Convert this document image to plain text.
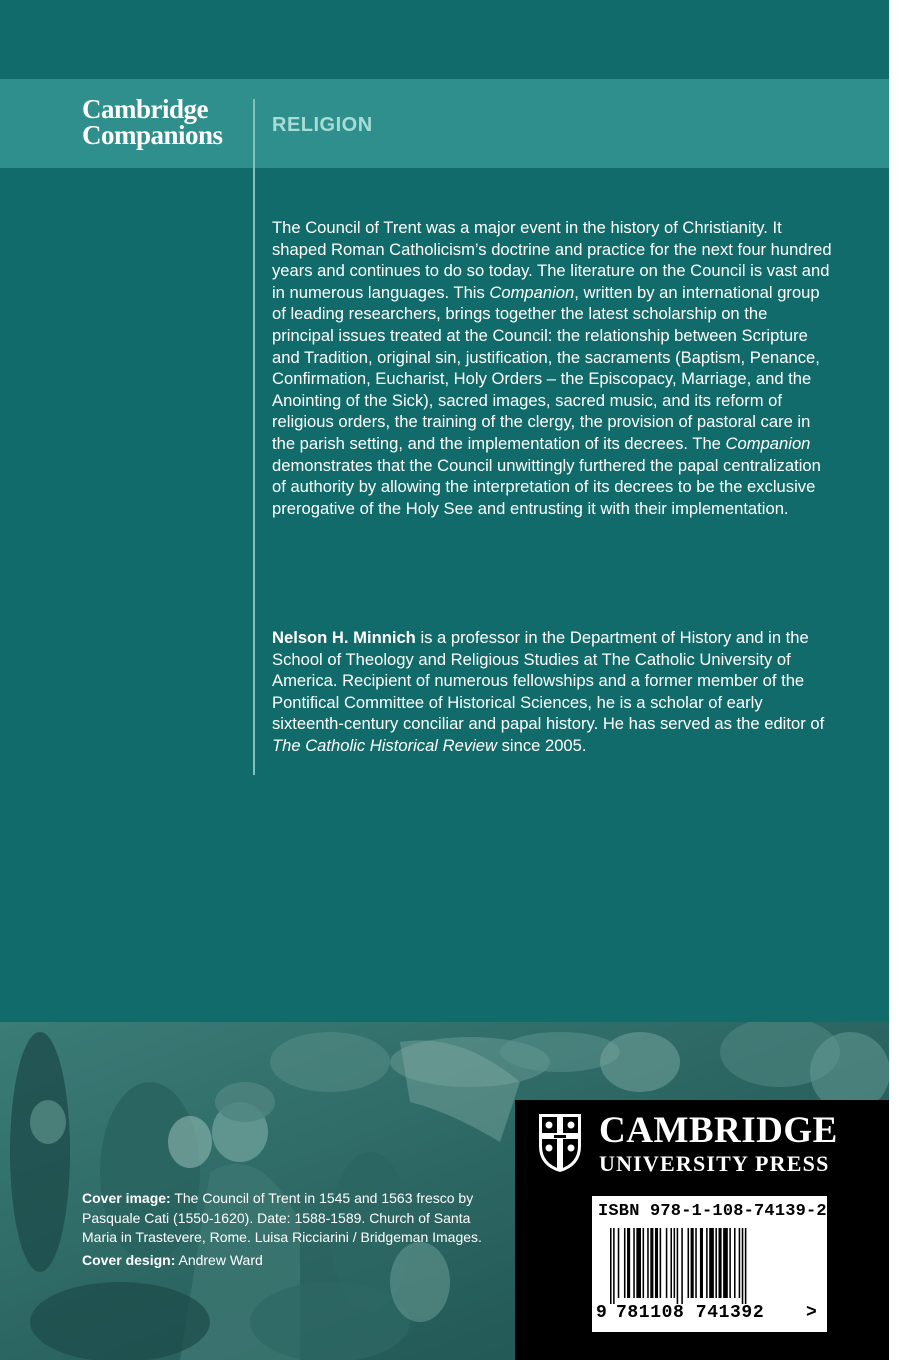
Cambridge
Companions RELIGION

The Council of Trent was a major event in the history of Christianity. It shaped Roman Catholicism’s doctrine and practice for the next four hundred years and continues to do so today. The literature on the Council is vast and in numerous languages. This Companion, written by an international group of leading researchers, brings together the latest scholarship on the principal issues treated at the Council: the relationship between Scripture and Tradition, original sin, justification, the sacraments (Baptism, Penance, Confirmation, Eucharist, Holy Orders – the Episcopacy, Marriage, and the Anointing of the Sick), sacred images, sacred music, and its reform of religious orders, the training of the clergy, the provision of pastoral care in the parish setting, and the implementation of its decrees. The Companion demonstrates that the Council unwittingly furthered the papal centralization of authority by allowing the interpretation of its decrees to be the exclusive prerogative of the Holy See and entrusting it with their implementation.

Nelson H. Minnich is a professor in the Department of History and in the School of Theology and Religious Studies at The Catholic University of America. Recipient of numerous fellowships and a former member of the Pontifical Committee of Historical Sciences, he is a scholar of early sixteenth-century conciliar and papal history. He has served as the editor of The Catholic Historical Review since 2005.

Cover image: The Council of Trent in 1545 and 1563 fresco by Pasquale Cati (1550-1620). Date: 1588-1589. Church of Santa Maria in Trastevere, Rome. Luisa Ricciarini / Bridgeman Images.

Cover design: Andrew Ward

CAMBRIDGE
UNIVERSITY PRESS
ISBN 978-1-108-74139-2
9 781108 741392 >
